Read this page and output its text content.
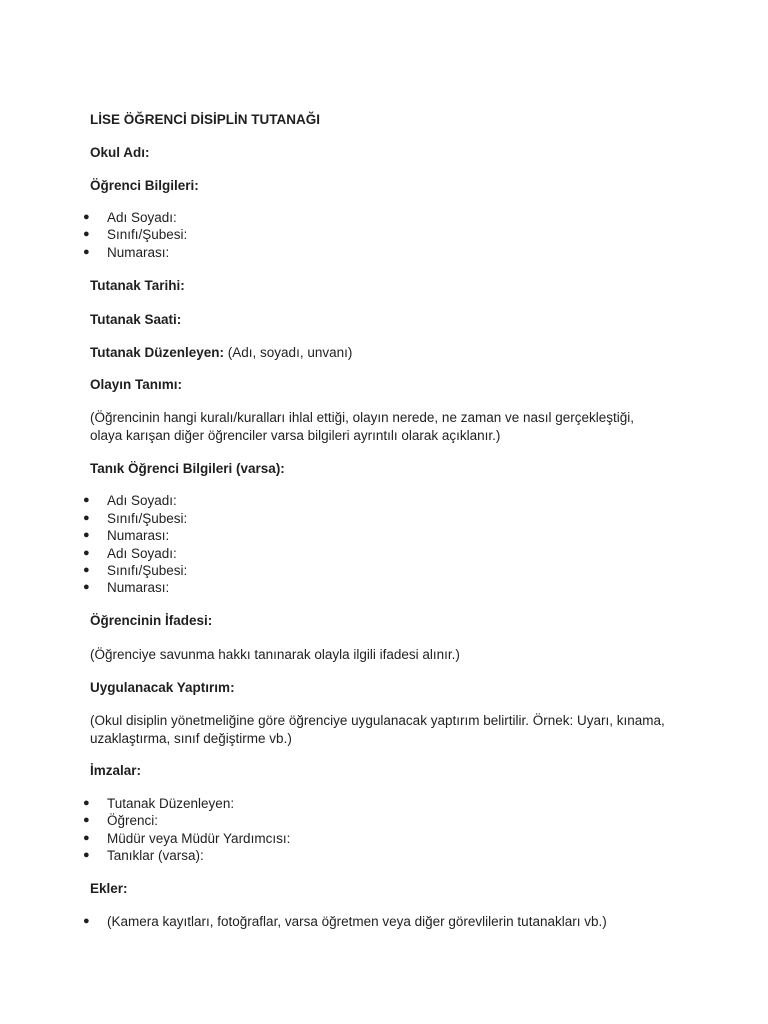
LİSE ÖĞRENCİ DİSİPLİN TUTANAĞI
Okul Adı:
Öğrenci Bilgileri:
● Adı Soyadı:
● Sınıfı/Şubesi:
● Numarası:
Tutanak Tarihi:
Tutanak Saati:
Tutanak Düzenleyen: (Adı, soyadı, unvanı)
Olayın Tanımı:
(Öğrencinin hangi kuralı/kuralları ihlal ettiği, olayın nerede, ne zaman ve nasıl gerçekleştiği,
olaya karışan diğer öğrenciler varsa bilgileri ayrıntılı olarak açıklanır.)
Tanık Öğrenci Bilgileri (varsa):
● Adı Soyadı:
● Sınıfı/Şubesi:
● Numarası:
● Adı Soyadı:
● Sınıfı/Şubesi:
● Numarası:
Öğrencinin İfadesi:
(Öğrenciye savunma hakkı tanınarak olayla ilgili ifadesi alınır.)
Uygulanacak Yaptırım:
(Okul disiplin yönetmeliğine göre öğrenciye uygulanacak yaptırım belirtilir. Örnek: Uyarı, kınama,
uzaklaştırma, sınıf değiştirme vb.)
İmzalar:
● Tutanak Düzenleyen:
● Öğrenci:
● Müdür veya Müdür Yardımcısı:
● Tanıklar (varsa):
Ekler:
● (Kamera kayıtları, fotoğraflar, varsa öğretmen veya diğer görevlilerin tutanakları vb.)
